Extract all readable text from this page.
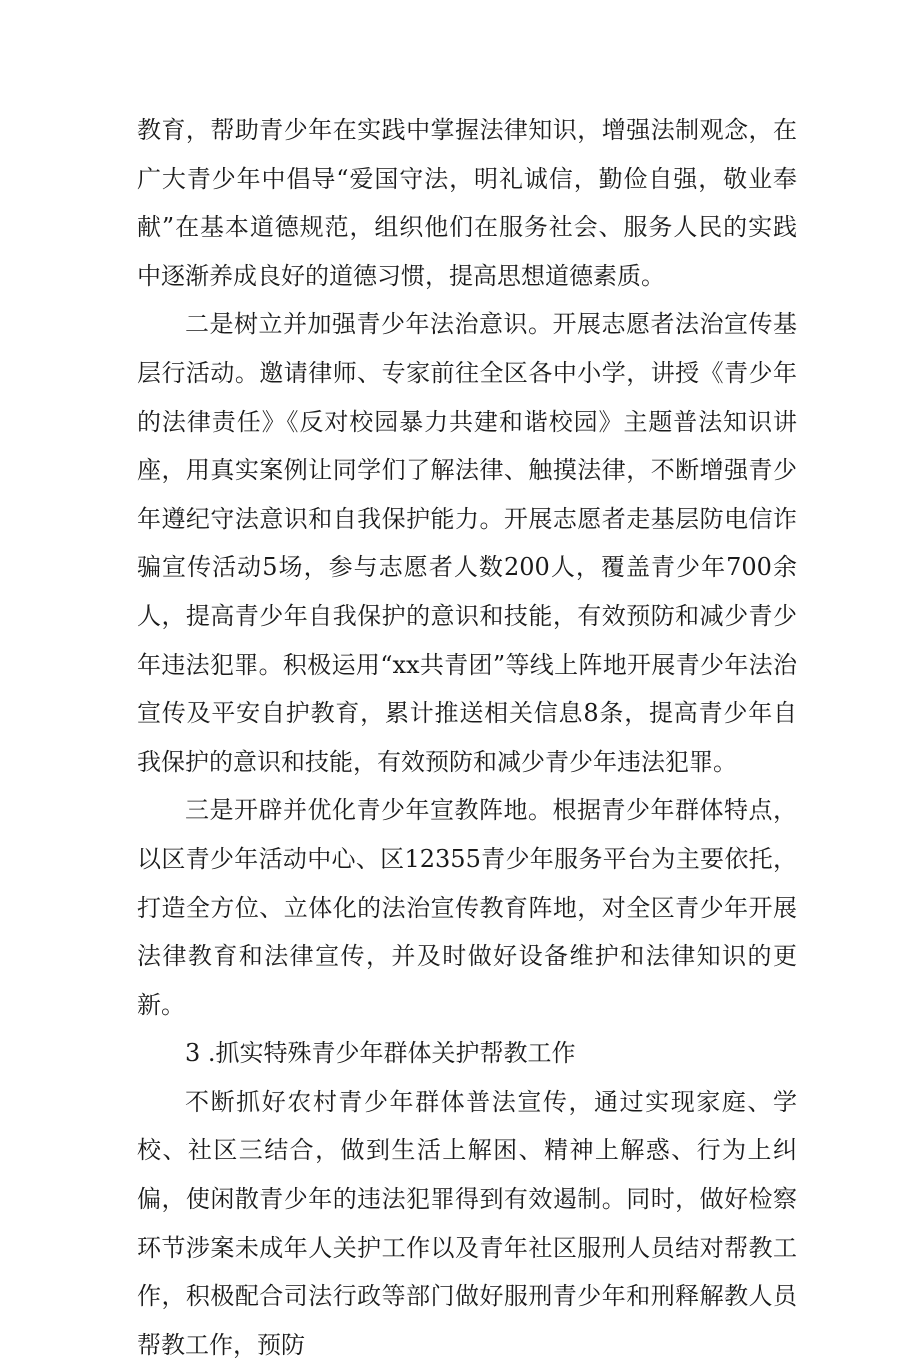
教育，帮助青少年在实践中掌握法律知识，增强法制观念，在广大青少年中倡导“爱国守法，明礼诚信，勤俭自强，敬业奉献”在基本道德规范，组织他们在服务社会、服务人民的实践中逐渐养成良好的道德习惯，提高思想道德素质。

二是树立并加强青少年法治意识。开展志愿者法治宣传基层行活动。邀请律师、专家前往全区各中小学，讲授《青少年的法律责任》《反对校园暴力共建和谐校园》主题普法知识讲座，用真实案例让同学们了解法律、触摸法律，不断增强青少年遵纪守法意识和自我保护能力。开展志愿者走基层防电信诈骗宣传活动5场，参与志愿者人数200人，覆盖青少年700余人，提高青少年自我保护的意识和技能，有效预防和减少青少年违法犯罪。积极运用“xx共青团”等线上阵地开展青少年法治宣传及平安自护教育，累计推送相关信息8条，提高青少年自我保护的意识和技能，有效预防和减少青少年违法犯罪。

三是开辟并优化青少年宣教阵地。根据青少年群体特点，以区青少年活动中心、区12355青少年服务平台为主要依托，打造全方位、立体化的法治宣传教育阵地，对全区青少年开展法律教育和法律宣传，并及时做好设备维护和法律知识的更新。

3 .抓实特殊青少年群体关护帮教工作

不断抓好农村青少年群体普法宣传，通过实现家庭、学校、社区三结合，做到生活上解困、精神上解惑、行为上纠偏，使闲散青少年的违法犯罪得到有效遏制。同时，做好检察环节涉案未成年人关护工作以及青年社区服刑人员结对帮教工作，积极配合司法行政等部门做好服刑青少年和刑释解教人员帮教工作，预防
